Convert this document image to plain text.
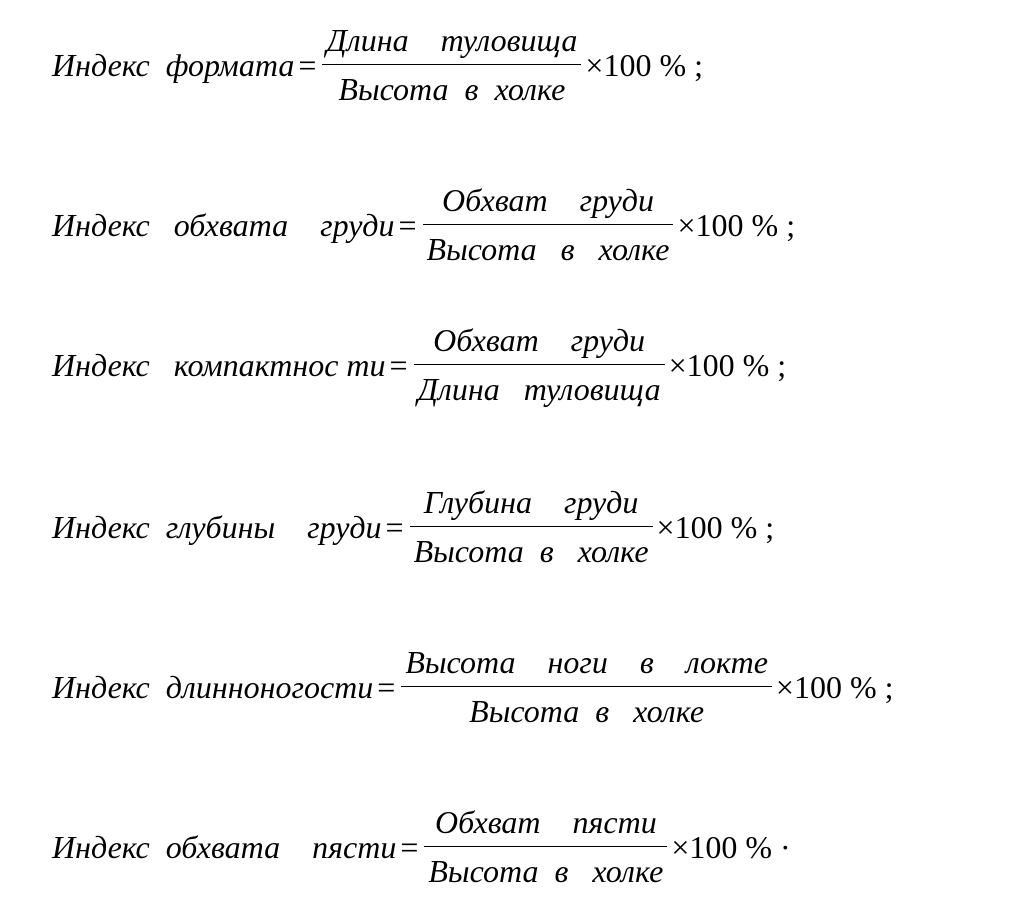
Индекс  формата = $\frac{\text{Длина    туловища}}{\text{Высота  в  холке}} \times 100$ % ;
Индекс   обхвата    груди = $\frac{\text{Обхват    груди}}{\text{Высота   в   холке}} \times 100$ % ;
Индекс   компактнос ти = $\frac{\text{Обхват    груди}}{\text{Длина   туловища}} \times 100$ % ;
Индекс  глубины    груди = $\frac{\text{Глубина    груди}}{\text{Высота  в   холке}} \times 100$ % ;
Индекс  длинноногости = $\frac{\text{Высота    ноги    в    локте}}{\text{Высота  в   холке}} \times 100$ % ;
Индекс  обхвата    пясти = $\frac{\text{Обхват    пясти}}{\text{Высота  в   холке}} \times 100$ % ·
